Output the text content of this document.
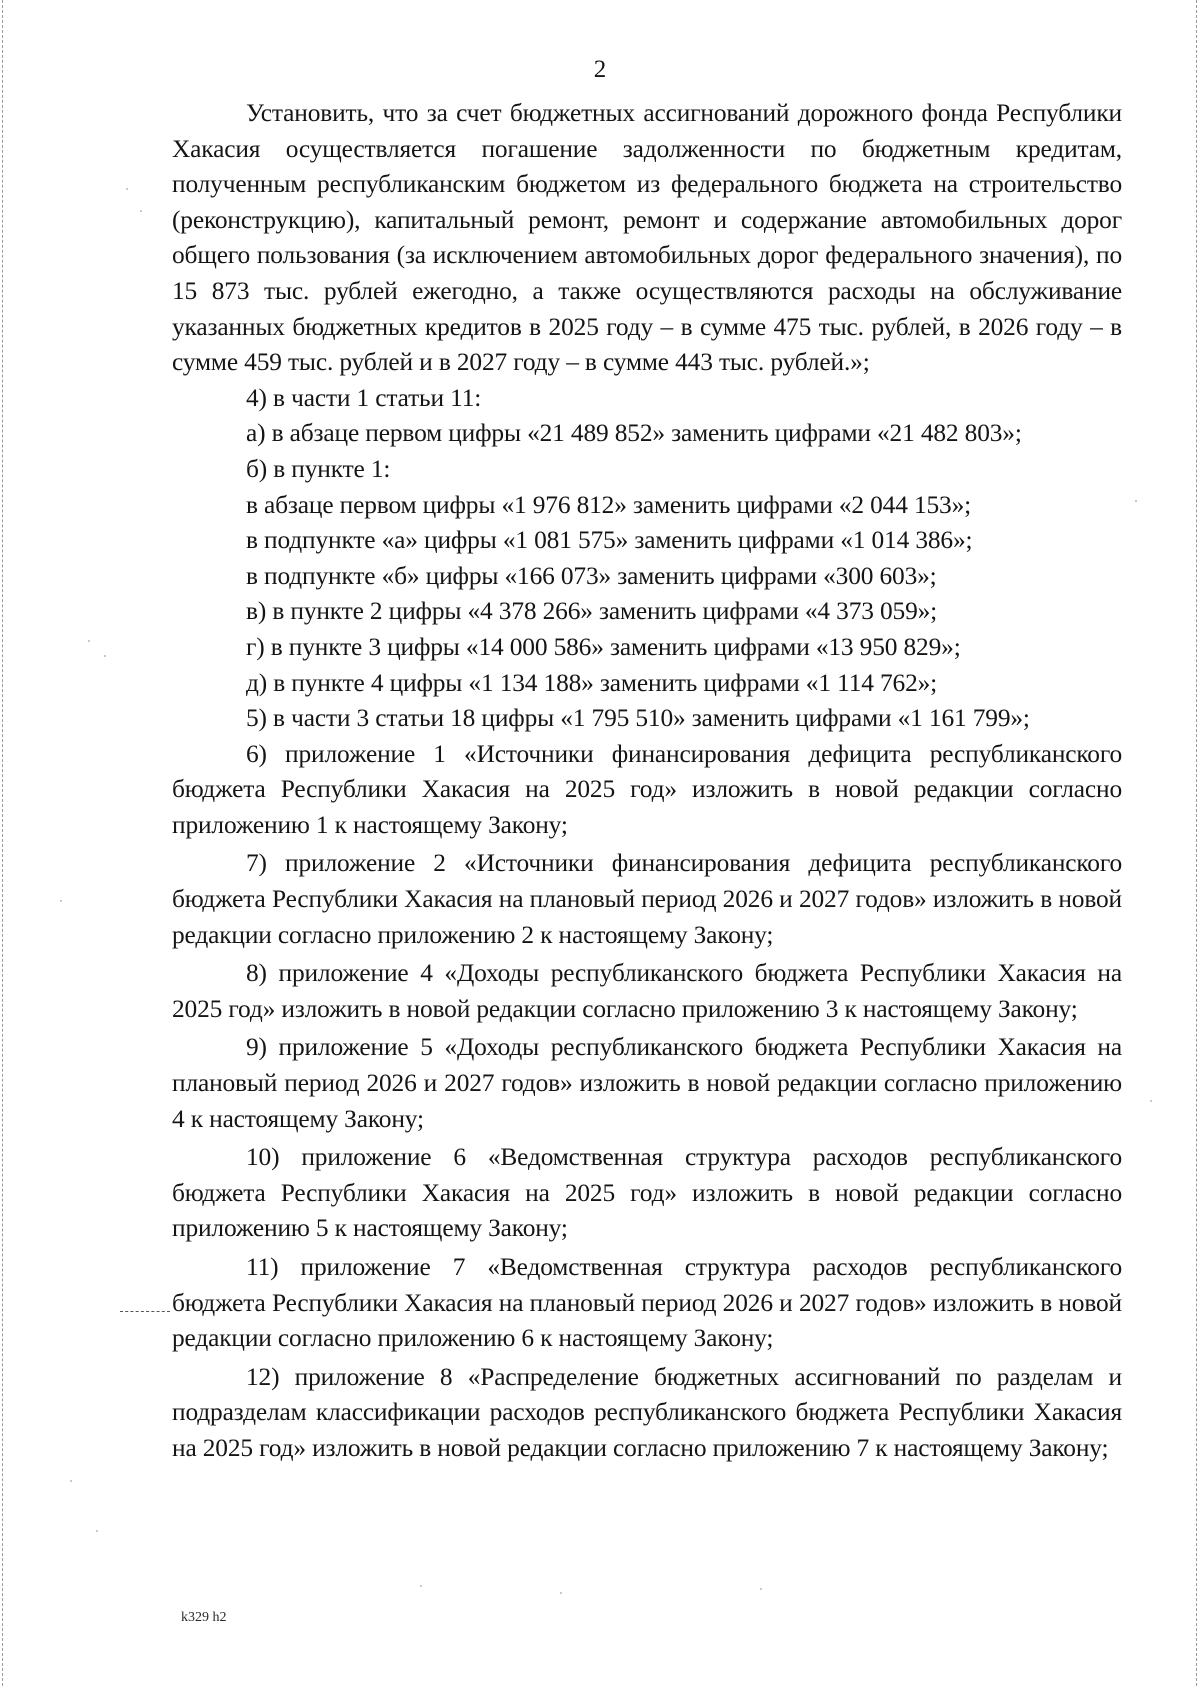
2

Установить, что за счет бюджетных ассигнований дорожного фонда Республики Хакасия осуществляется погашение задолженности по бюджетным кредитам, полученным республиканским бюджетом из федерального бюджета на строительство (реконструкцию), капитальный ремонт, ремонт и содержание автомобильных дорог общего пользования (за исключением автомобильных дорог федерального значения), по 15 873 тыс. рублей ежегодно, а также осуществляются расходы на обслуживание указанных бюджетных кредитов в 2025 году – в сумме 475 тыс. рублей, в 2026 году – в сумме 459 тыс. рублей и в 2027 году – в сумме 443 тыс. рублей.»;

4) в части 1 статьи 11:

а) в абзаце первом цифры «21 489 852» заменить цифрами «21 482 803»;

б) в пункте 1:

в абзаце первом цифры «1 976 812» заменить цифрами «2 044 153»;

в подпункте «а» цифры «1 081 575» заменить цифрами «1 014 386»;

в подпункте «б» цифры «166 073» заменить цифрами «300 603»;

в) в пункте 2 цифры «4 378 266» заменить цифрами «4 373 059»;

г) в пункте 3 цифры «14 000 586» заменить цифрами «13 950 829»;

д) в пункте 4 цифры «1 134 188» заменить цифрами «1 114 762»;

5) в части 3 статьи 18 цифры «1 795 510» заменить цифрами «1 161 799»;

6) приложение 1 «Источники финансирования дефицита республиканского бюджета Республики Хакасия на 2025 год» изложить в новой редакции согласно приложению 1 к настоящему Закону;

7) приложение 2 «Источники финансирования дефицита республиканского бюджета Республики Хакасия на плановый период 2026 и 2027 годов» изложить в новой редакции согласно приложению 2 к настоящему Закону;

8) приложение 4 «Доходы республиканского бюджета Республики Хакасия на 2025 год» изложить в новой редакции согласно приложению 3 к настоящему Закону;

9) приложение 5 «Доходы республиканского бюджета Республики Хакасия на плановый период 2026 и 2027 годов» изложить в новой редакции согласно приложению 4 к настоящему Закону;

10) приложение 6 «Ведомственная структура расходов республиканского бюджета Республики Хакасия на 2025 год» изложить в новой редакции согласно приложению 5 к настоящему Закону;

11) приложение 7 «Ведомственная структура расходов республиканского бюджета Республики Хакасия на плановый период 2026 и 2027 годов» изложить в новой редакции согласно приложению 6 к настоящему Закону;

12) приложение 8 «Распределение бюджетных ассигнований по разделам и подразделам классификации расходов республиканского бюджета Республики Хакасия на 2025 год» изложить в новой редакции согласно приложению 7 к настоящему Закону;

k329 h2
